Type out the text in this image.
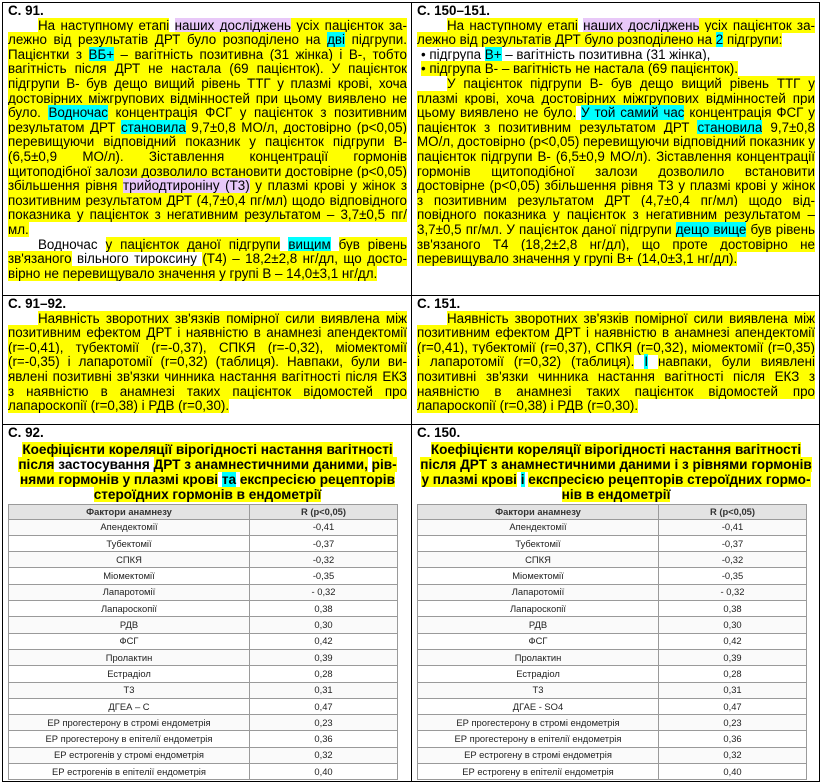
С. 91.

На наступному етапі наших досліджень усіх пацієнток залежно від результатів ДРТ було розподілено на дві підгрупи. Пацієнтки з ВБ+ – вагітність позитивна (31 жінка) і В-, тобто вагітність після ДРТ не настала (69 пацієнток). У пацієнток підгрупи В- був дещо вищий рівень ТТГ у плазмі крові, хоча достовірних міжгрупових відмінностей при цьому виявлено не було. Водночас концентрація ФСГ у пацієнток з позитивним результатом ДРТ становила 9,7±0,8 МО/л, достовірно (р<0,05) перевищуючи відповідний показник у пацієнток підгрупи В- (6,5±0,9 МО/л). Зіставлення концентрації гормонів щитоподібної залози дозволило встановити достовірне (р<0,05) збільшення рівня трийодтироніну (Т3) у плазмі крові у жінок з позитивним результатом ДРТ (4,7±0,4 пг/мл) щодо відповідного показника у пацієнток з негативним результатом – 3,7±0,5 пг/мл.

Водночас у пацієнток даної підгрупи вищим був рівень зв'язаного вільного тироксину (Т4) – 18,2±2,8 нг/дл, що достовірно не перевищувало значення у групі В – 14,0±3,1 нг/дл.

С. 150–151.

На наступному етапі наших досліджень усіх пацієнток залежно від результатів ДРТ було розподілено на 2 підгрупи:

• підгрупа В+ – вагітність позитивна (31 жінка),

• підгрупа В- – вагітність не настала (69 пацієнток).

У пацієнток підгрупи В- був дещо вищий рівень ТТГ у плазмі крові, хоча достовірних міжгрупових відмінностей при цьому виявлено не було. У той самий час концентрація ФСГ у пацієнток з позитивним результатом ДРТ становила 9,7±0,8 МО/л, достовірно (р<0,05) перевищуючи відповідний показник у пацієнток підгрупи В- (6,5±0,9 МО/л). Зіставлення концентрації гормонів щитоподібної залози дозволило встановити достовірне (р<0,05) збільшення рівня Т3 у плазмі крові у жінок з позитивним результатом ДРТ (4,7±0,4 пг/мл) щодо відповідного показника у пацієнток з негативним результатом – 3,7±0,5 пг/мл. У пацієнток даної підгрупи дещо вище був рівень зв'язаного Т4 (18,2±2,8 нг/дл), що проте достовірно не перевищувало значення у групі В+ (14,0±3,1 нг/дл).

С. 91–92.

Наявність зворотних зв'язків помірної сили виявлена між позитивним ефектом ДРТ і наявністю в анамнезі апендектомії (r=-0,41), тубектомії (r=-0,37), СПКЯ (r=-0,32), міомектомії (r=-0,35) і лапаротомії (r=0,32) (таблиця). Навпаки, були виявлені позитивні зв'язки чинника настання вагітності після ЕКЗ з наявністю в анамнезі таких пацієнток відомостей про лапароскопії (r=0,38) і РДВ (r=0,30).

С. 151.

Наявність зворотних зв'язків помірної сили виявлена між позитивним ефектом ДРТ і наявністю в анамнезі апендектомії (r=0,41), тубектомії (r=0,37), СПКЯ (r=0,32), міомектомії (r=0,35) і лапаротомії (r=0,32) (таблиця). І навпаки, були виявлені позитивні зв'язки чинника настання вагітності після ЕКЗ з наявністю в анамнезі таких пацієнток відомостей про лапароскопії (r=0,38) і РДВ (r=0,30).

С. 92.

Коефіцієнти кореляції вірогідності настання вагітності після застосування ДРТ з анамнестичними даними, рівнями гормонів у плазмі крові та експресією рецепторів стероїдних гормонів в ендометрії

Фактори анамнезу	R (р<0,05)
Апендектомії	-0,41
Тубектомії	-0,37
СПКЯ	-0,32
Міомектомії	-0,35
Лапаротомії	- 0,32
Лапароскопії	0,38
РДВ	0,30
ФСГ	0,42
Пролактин	0,39
Естрадіол	0,28
Т3	0,31
ДГЕА – С	0,47
ЕР прогестерону в стромі ендометрія	0,23
ЕР прогестерону в епітелії ендометрія	0,36
ЕР естрогенів у стромі ендометрія	0,32
ЕР естрогенів в епітелії ендометрія	0,40

С. 150.

Коефіцієнти кореляції вірогідності настання вагітності після ДРТ з анамнестичними даними і з рівнями гормонів у плазмі крові і експресією рецепторів стероїдних гормонів в ендометрії

Фактори анамнезу	R (р<0,05)
Апендектомії	-0,41
Тубектомії	-0,37
СПКЯ	-0,32
Міомектомії	-0,35
Лапаротомії	- 0,32
Лапароскопії	0,38
РДВ	0,30
ФСГ	0,42
Пролактин	0,39
Естрадіол	0,28
Т3	0,31
ДГАЕ - SO4	0,47
ЕР прогестерону в стромі ендометрія	0,23
ЕР прогестерону в епітелії ендометрія	0,36
ЕР естрогену в стромі ендометрія	0,32
ЕР естрогену в епітелії ендометрія	0,40
